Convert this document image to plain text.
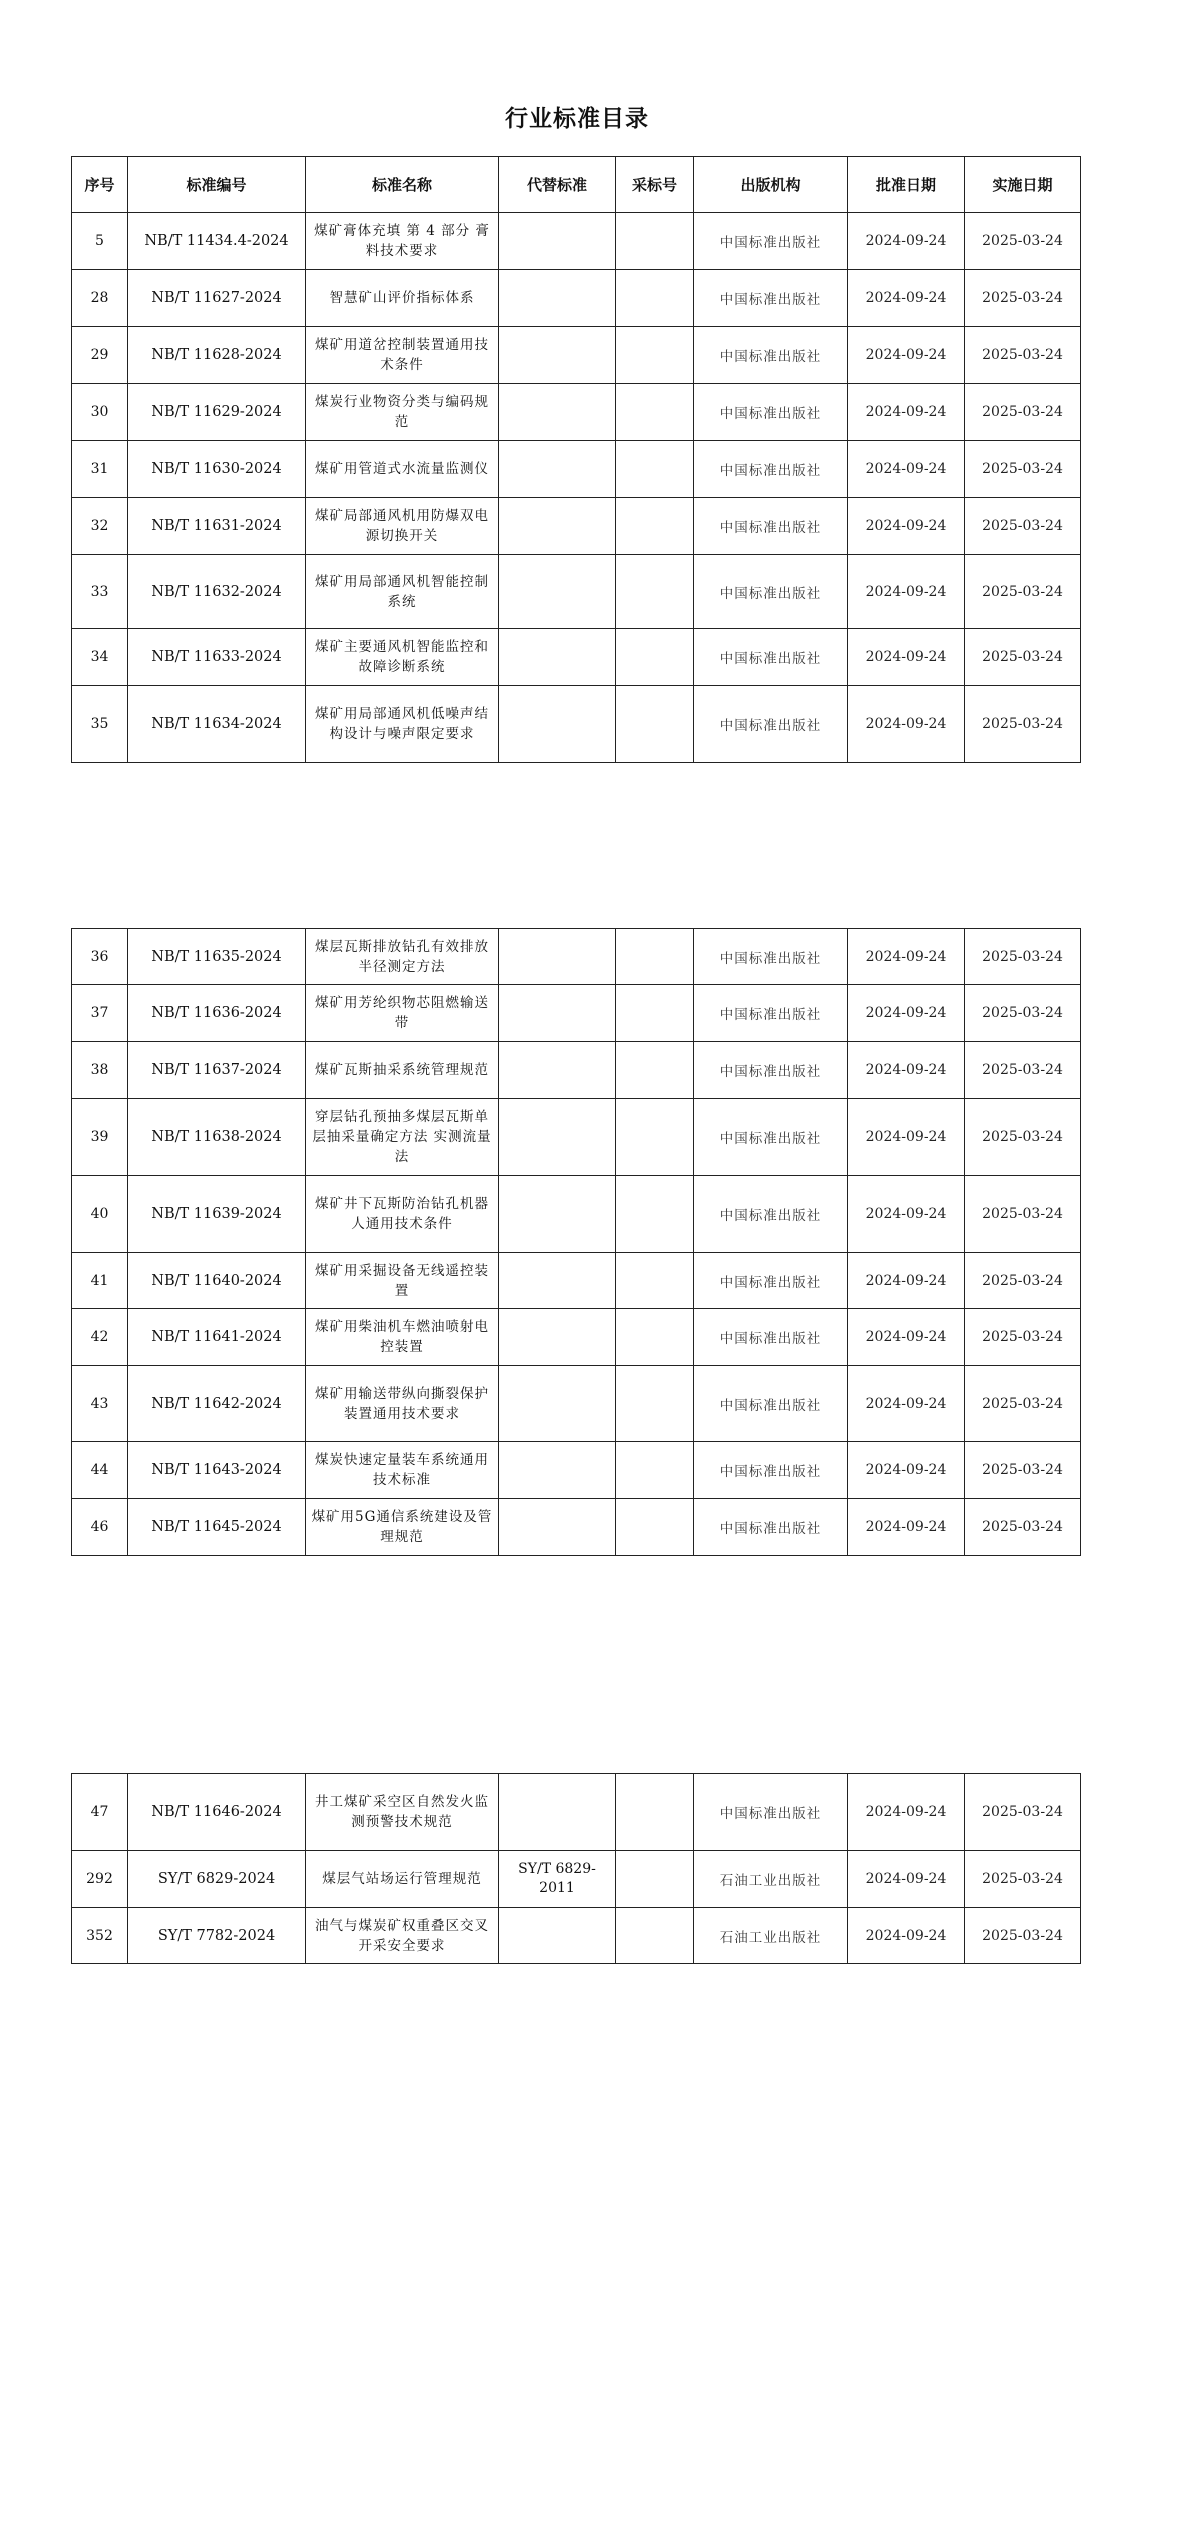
行业标准目录
序号	标准编号	标准名称	代替标准	采标号	出版机构	批准日期	实施日期
5	NB/T 11434.4-2024	煤矿膏体充填 第 4 部分 膏料技术要求			中国标准出版社	2024-09-24	2025-03-24
28	NB/T 11627-2024	智慧矿山评价指标体系			中国标准出版社	2024-09-24	2025-03-24
29	NB/T 11628-2024	煤矿用道岔控制装置通用技术条件			中国标准出版社	2024-09-24	2025-03-24
30	NB/T 11629-2024	煤炭行业物资分类与编码规范			中国标准出版社	2024-09-24	2025-03-24
31	NB/T 11630-2024	煤矿用管道式水流量监测仪			中国标准出版社	2024-09-24	2025-03-24
32	NB/T 11631-2024	煤矿局部通风机用防爆双电源切换开关			中国标准出版社	2024-09-24	2025-03-24
33	NB/T 11632-2024	煤矿用局部通风机智能控制系统			中国标准出版社	2024-09-24	2025-03-24
34	NB/T 11633-2024	煤矿主要通风机智能监控和故障诊断系统			中国标准出版社	2024-09-24	2025-03-24
35	NB/T 11634-2024	煤矿用局部通风机低噪声结构设计与噪声限定要求			中国标准出版社	2024-09-24	2025-03-24
36	NB/T 11635-2024	煤层瓦斯排放钻孔有效排放半径测定方法			中国标准出版社	2024-09-24	2025-03-24
37	NB/T 11636-2024	煤矿用芳纶织物芯阻燃输送带			中国标准出版社	2024-09-24	2025-03-24
38	NB/T 11637-2024	煤矿瓦斯抽采系统管理规范			中国标准出版社	2024-09-24	2025-03-24
39	NB/T 11638-2024	穿层钻孔预抽多煤层瓦斯单层抽采量确定方法 实测流量法			中国标准出版社	2024-09-24	2025-03-24
40	NB/T 11639-2024	煤矿井下瓦斯防治钻孔机器人通用技术条件			中国标准出版社	2024-09-24	2025-03-24
41	NB/T 11640-2024	煤矿用采掘设备无线遥控装置			中国标准出版社	2024-09-24	2025-03-24
42	NB/T 11641-2024	煤矿用柴油机车燃油喷射电控装置			中国标准出版社	2024-09-24	2025-03-24
43	NB/T 11642-2024	煤矿用输送带纵向撕裂保护装置通用技术要求			中国标准出版社	2024-09-24	2025-03-24
44	NB/T 11643-2024	煤炭快速定量装车系统通用技术标准			中国标准出版社	2024-09-24	2025-03-24
46	NB/T 11645-2024	煤矿用5G通信系统建设及管理规范			中国标准出版社	2024-09-24	2025-03-24
47	NB/T 11646-2024	井工煤矿采空区自然发火监测预警技术规范			中国标准出版社	2024-09-24	2025-03-24
292	SY/T 6829-2024	煤层气站场运行管理规范	SY/T 6829-2011		石油工业出版社	2024-09-24	2025-03-24
352	SY/T 7782-2024	油气与煤炭矿权重叠区交叉开采安全要求			石油工业出版社	2024-09-24	2025-03-24
